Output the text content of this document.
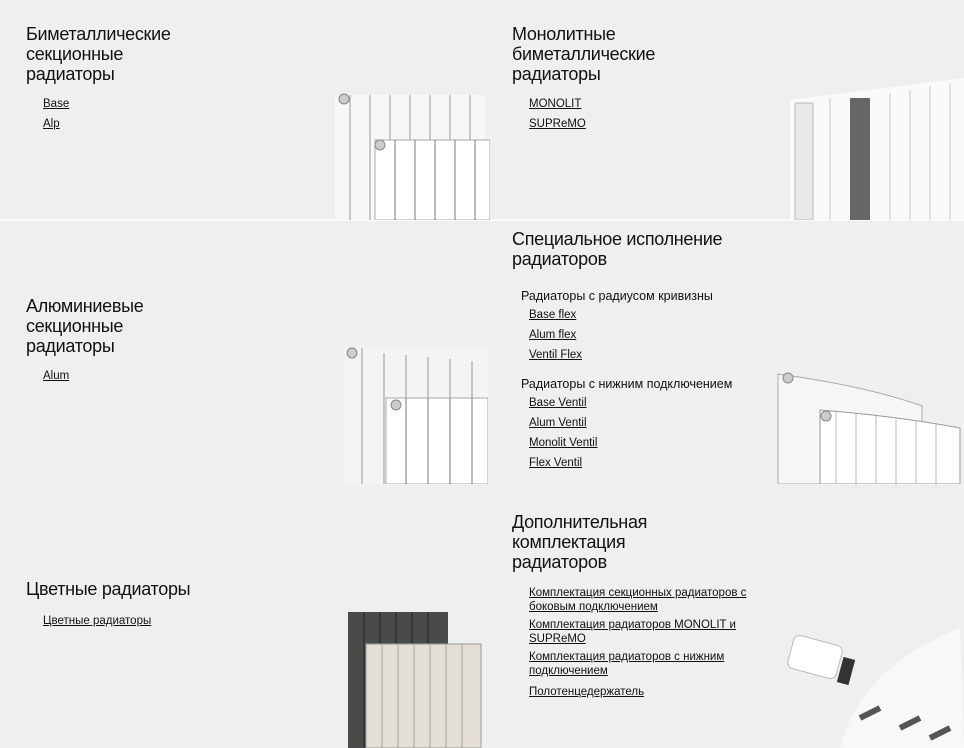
Биметаллические
секционные
радиаторы
Base
Alp
Монолитные
биметаллические
радиаторы
MONOLIT
SUPReMO
Алюминиевые
секционные
радиаторы
Alum
Специальное исполнение
радиаторов
Радиаторы с радиусом кривизны
Base flex
Alum flex
Ventil Flex
Радиаторы с нижним подключением
Base Ventil
Alum Ventil
Monolit Ventil
Flex Ventil
Цветные радиаторы
Цветные радиаторы
Дополнительная
комплектация
радиаторов
Комплектация секционных радиаторов с
боковым подключением
Комплектация радиаторов MONOLIT и
SUPReMO
Комплектация радиаторов с нижним
подключением
Полотенцедержатель
